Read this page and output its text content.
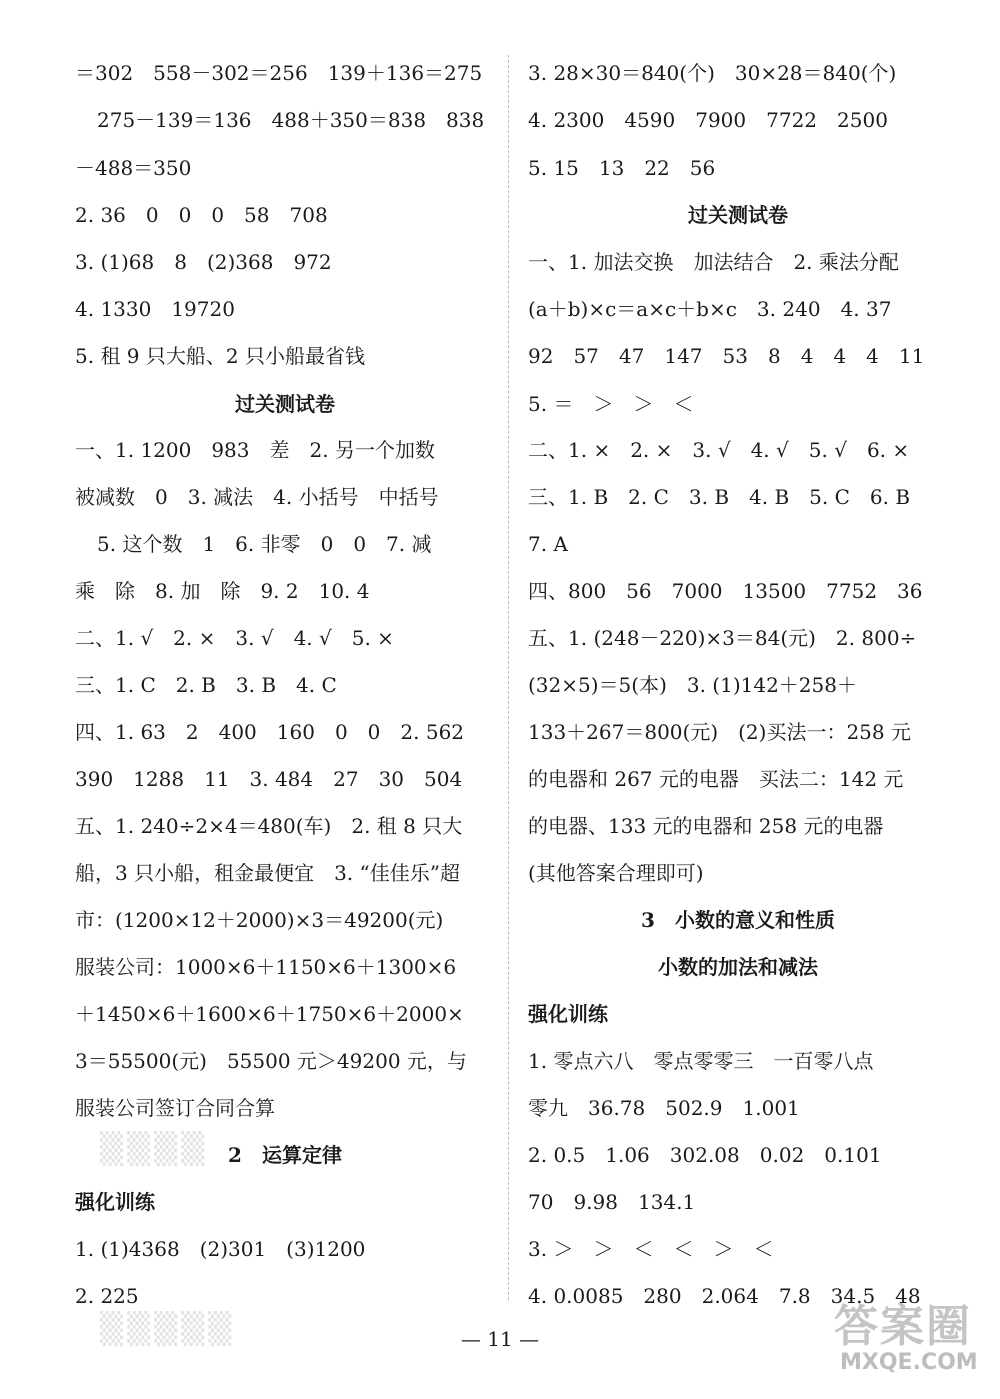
＝302　558－302＝256　139＋136＝275
275－139＝136　488＋350＝838　838
－488＝350
2. 36　0　0　0　58　708
3. (1)68　8　(2)368　972
4. 1330　19720
5. 租 9 只大船、2 只小船最省钱
过关测试卷
一、1. 1200　983　差　2. 另一个加数
被减数　0　3. 减法　4. 小括号　中括号
5. 这个数　1　6. 非零　0　0　7. 减
乘　除　8. 加　除　9. 2　10. 4
二、1. √　2. ×　3. √　4. √　5. ×
三、1. C　2. B　3. B　4. C
四、1. 63　2　400　160　0　0　2. 562
390　1288　11　3. 484　27　30　504
五、1. 240÷2×4＝480(车)　2. 租 8 只大
船，3 只小船，租金最便宜　3. “佳佳乐”超
市：(1200×12＋2000)×3＝49200(元)
服装公司：1000×6＋1150×6＋1300×6
＋1450×6＋1600×6＋1750×6＋2000×
3＝55500(元)　55500 元＞49200 元，与
服装公司签订合同合算
2　运算定律
强化训练
1. (1)4368　(2)301　(3)1200
2. 225
3. 28×30＝840(个)　30×28＝840(个)
4. 2300　4590　7900　7722　2500
5. 15　13　22　56
过关测试卷
一、1. 加法交换　加法结合　2. 乘法分配
(a＋b)×c＝a×c＋b×c　3. 240　4. 37
92　57　47　147　53　8　4　4　4　11
5. ＝　＞　＞　＜
二、1. ×　2. ×　3. √　4. √　5. √　6. ×
三、1. B　2. C　3. B　4. B　5. C　6. B
7. A
四、800　56　7000　13500　7752　36
五、1. (248－220)×3＝84(元)　2. 800÷
(32×5)＝5(本)　3. (1)142＋258＋
133＋267＝800(元)　(2)买法一：258 元
的电器和 267 元的电器　买法二：142 元
的电器、133 元的电器和 258 元的电器
(其他答案合理即可)
3　小数的意义和性质
小数的加法和减法
强化训练
1. 零点六八　零点零零三　一百零八点
零九　36.78　502.9　1.001
2. 0.5　1.06　302.08　0.02　0.101
70　9.98　134.1
3. ＞　＞　＜　＜　＞　＜
4. 0.0085　280　2.064　7.8　34.5　48
▒▒▒▒
▒▒▒▒▒	— 11 —	答案圈
MXQE.COM
